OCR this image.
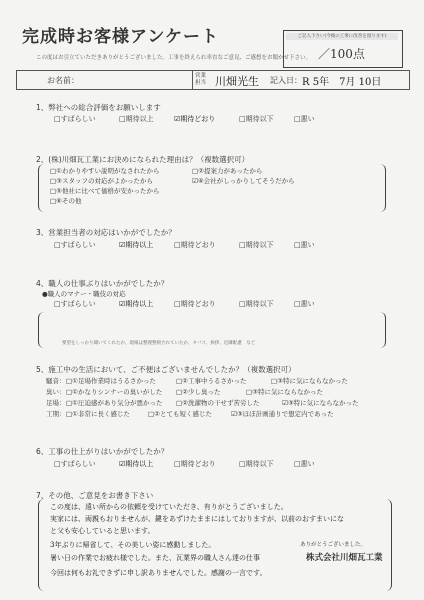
完成時お客様アンケート
この度はお引立ていただきありがとうございました。工事を終えられ率直なご意見、ご感想をお聞かせ下さい。
ご記入下さい(今後の工事に改善を図ります)
／100点
お名前：	営業担当 川畑光生 記入日： R 5年　7月 10日
1、弊社への総合評価をお願いします
□すばらしい	□期待以上	☑期待どおり	□期待以下	□悪い
2、(株)川畑瓦工業にお決めになられた理由は？（複数選択可）
□①わかりやすい説明がなされたから	□②提案力があったから
□③スタッフの対応がよかったから	☑④会社がしっかりしてそうだから
□⑤他社に比べて価格が安かったから
□⑥その他
3、営業担当者の対応はいかがでしたか？
□すばらしい	☑期待以上	□期待どおり	□期待以下	□悪い
4、職人の仕事ぶりはいかがでしたか？
●職人のマナー・職伎の対応
□すばらしい	☑期待以上	□期待どおり	□期待以下	□悪い
要望をしっかり聞いてくれたか、現場は整理整頓されていたか、タバコ、挨拶、近隣配慮　など
5、施工中の生活において、ご不便はございませんでしたか？（複数選択可）
騒音： □①足場作業時はうるさかった	□②工事中うるさかった	□③特に気にならなかった
臭い： □①かなりシンナーの臭いがした □②少し臭った	□③特に気にならなかった
足場： □①圧迫感があり気分が悪かった □②洗濯物の干せず苦労した	☑③特に気にならなかった
工期： □①非常に長く感じた	□②とても短く感じた	☑③ほぼ計画通りで想定内であった
6、工事の仕上がりはいかがでしたか？
□すばらしい	☑期待以上	□期待どおり	□期待以下	□悪い
7、その他、ご意見をお書き下さい
この度は、遠い所からの依頼を受けていただき、有りがとうございました。
実家には、両親もおりませんが、鍵をあずけたままにはしておりますが、以前のおすまいにな
と父も安心していると思います。
3年ぶりに帰省して、その美しい姿に感動しました。	ありがとうございました。
暑い日の作業でお疲れ様でした。また、瓦業界の職人さん達の仕事	株式会社川畑瓦工業
今回は何もお礼できずに申し訳ありませんでした。感謝の一言です。
